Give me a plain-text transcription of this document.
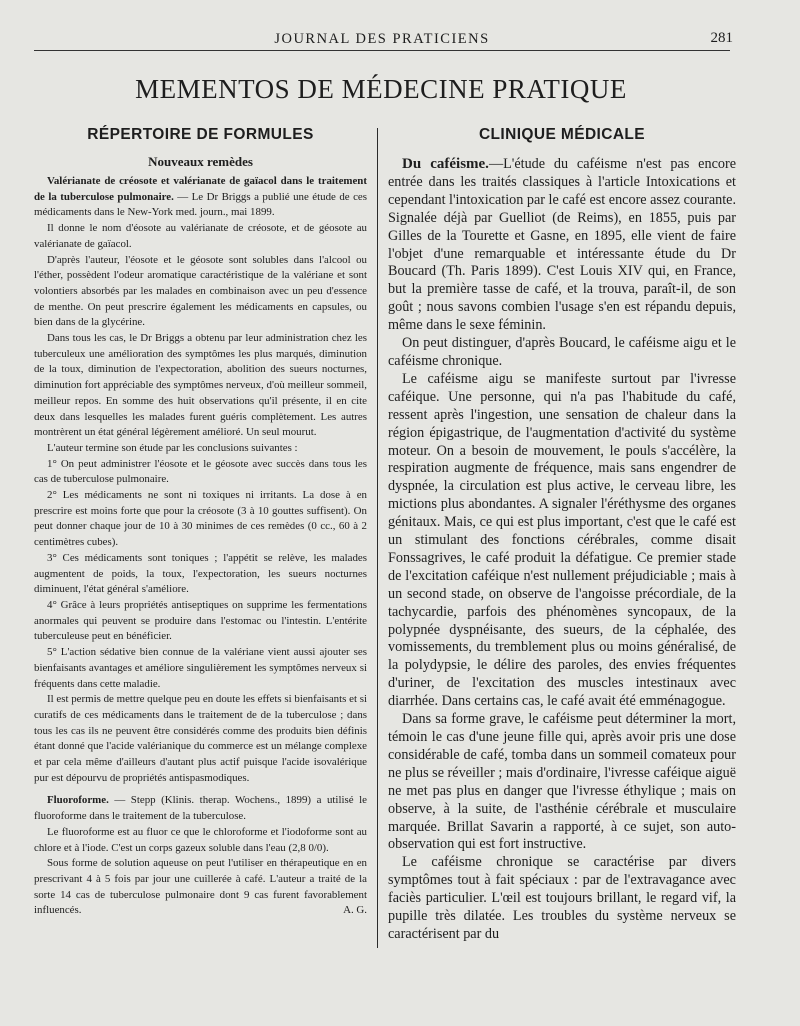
JOURNAL DES PRATICIENS	281
MEMENTOS DE MÉDECINE PRATIQUE
RÉPERTOIRE DE FORMULES
Nouveaux remèdes

Valérianate de créosote et valérianate de gaïacol dans le traitement de la tuberculose pulmonaire. — Le Dr Briggs a publié une étude de ces médicaments dans le New-York med. journ., mai 1899.

Il donne le nom d'éosote au valérianate de créosote, et de géosote au valérianate de gaïacol.

D'après l'auteur, l'éosote et le géosote sont solubles dans l'alcool ou l'éther, possèdent l'odeur aromatique caractéristique de la valériane et sont volontiers absorbés par les malades en combinaison avec un peu d'essence de menthe. On peut prescrire également les médicaments en capsules, ou bien dans de la glycérine.

Dans tous les cas, le Dr Briggs a obtenu par leur administration chez les tuberculeux une amélioration des symptômes les plus marqués, diminution de la toux, diminution de l'expectoration, abolition des sueurs nocturnes, diminution fort appréciable des symptômes nerveux, d'où meilleur sommeil, meilleur repos. En somme des huit observations qu'il présente, il en cite deux dans lesquelles les malades furent guéris complètement. Les autres montrèrent un état général légèrement amélioré. Un seul mourut.

L'auteur termine son étude par les conclusions suivantes :

1° On peut administrer l'éosote et le géosote avec succès dans tous les cas de tuberculose pulmonaire.

2° Les médicaments ne sont ni toxiques ni irritants. La dose à en prescrire est moins forte que pour la créosote (3 à 10 gouttes suffisent). On peut donner chaque jour de 10 à 30 minimes de ces remèdes (0 cc., 60 à 2 centimètres cubes).

3° Ces médicaments sont toniques ; l'appétit se relève, les malades augmentent de poids, la toux, l'expectoration, les sueurs nocturnes diminuent, l'état général s'améliore.

4° Grâce à leurs propriétés antiseptiques on supprime les fermentations anormales qui peuvent se produire dans l'estomac ou l'intestin. L'entérite tuberculeuse peut en bénéficier.

5° L'action sédative bien connue de la valériane vient aussi ajouter ses bienfaisants avantages et améliore singulièrement les symptômes nerveux si fréquents dans cette maladie.

Il est permis de mettre quelque peu en doute les effets si bienfaisants et si curatifs de ces médicaments dans le traitement de de la tuberculose ; dans tous les cas ils ne peuvent être considérés comme des produits bien définis étant donné que l'acide valérianique du commerce est un mélange complexe et par cela même d'ailleurs d'autant plus actif puisque l'acide isovalérique pur est dépourvu de propriétés antispasmodiques.

Fluoroforme. — Stepp (Klinis. therap. Wochens., 1899) a utilisé le fluoroforme dans le traitement de la tuberculose.

Le fluoroforme est au fluor ce que le chloroforme et l'iodoforme sont au chlore et à l'iode. C'est un corps gazeux soluble dans l'eau (2,8 0/0).

Sous forme de solution aqueuse on peut l'utiliser en thérapeutique en en prescrivant 4 à 5 fois par jour une cuillerée à café. L'auteur a traité de la sorte 14 cas de tuberculose pulmonaire dont 9 cas furent favorablement influencés.	A. G.

CLINIQUE MÉDICALE

Du caféisme.—L'étude du caféisme n'est pas encore entrée dans les traités classiques à l'article Intoxications et cependant l'intoxication par le café est encore assez courante. Signalée déjà par Guelliot (de Reims), en 1855, puis par Gilles de la Tourette et Gasne, en 1895, elle vient de faire l'objet d'une remarquable et intéressante étude du Dr Boucard (Th. Paris 1899). C'est Louis XIV qui, en France, but la première tasse de café, et la trouva, paraît-il, de son goût ; nous savons combien l'usage s'en est répandu depuis, même dans le sexe féminin.

On peut distinguer, d'après Boucard, le caféisme aigu et le caféisme chronique.

Le caféisme aigu se manifeste surtout par l'ivresse caféique. Une personne, qui n'a pas l'habitude du café, ressent après l'ingestion, une sensation de chaleur dans la région épigastrique, de l'augmentation d'activité du système moteur. On a besoin de mouvement, le pouls s'accélère, la respiration augmente de fréquence, mais sans engendrer de dyspnée, la circulation est plus active, le cerveau libre, les mictions plus abondantes. A signaler l'éréthysme des organes génitaux. Mais, ce qui est plus important, c'est que le café est un stimulant des fonctions cérébrales, comme disait Fonssagrives, le café produit la défatigue. Ce premier stade de l'excitation caféique n'est nullement préjudiciable ; mais à un second stade, on observe de l'angoisse précordiale, de la tachycardie, parfois des phénomènes syncopaux, de la polypnée dyspnéisante, des sueurs, de la céphalée, des vomissements, du tremblement plus ou moins généralisé, de la polydypsie, le délire des paroles, des envies fréquentes d'uriner, de l'excitation des muscles intestinaux avec diarrhée. Dans certains cas, le café avait été emménagogue.

Dans sa forme grave, le caféisme peut déterminer la mort, témoin le cas d'une jeune fille qui, après avoir pris une dose considérable de café, tomba dans un sommeil comateux pour ne plus se réveiller ; mais d'ordinaire, l'ivresse caféique aiguë ne met pas plus en danger que l'ivresse éthylique ; mais on observe, à la suite, de l'asthénie cérébrale et musculaire marquée. Brillat Savarin a rapporté, à ce sujet, son auto-observation qui est fort instructive.

Le caféisme chronique se caractérise par divers symptômes tout à fait spéciaux : par de l'extravagance avec faciès particulier. L'œil est toujours brillant, le regard vif, la pupille très dilatée. Les troubles du système nerveux se caractérisent par du
